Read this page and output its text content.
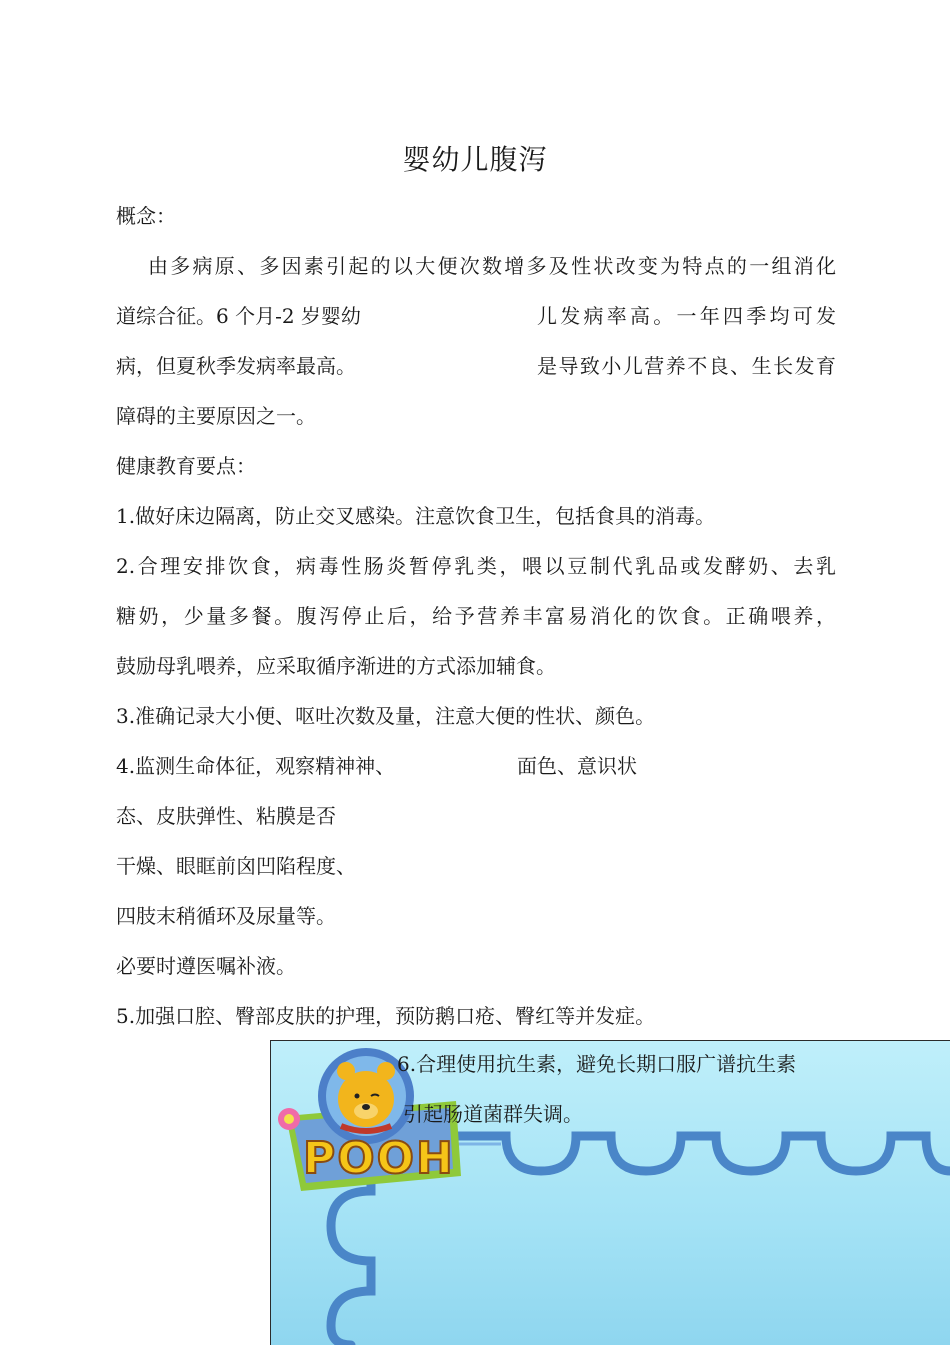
婴幼儿腹泻
概念：
由多病原、多因素引起的以大便次数增多及性状改变为特点的一组消化
道综合征。6 个月-2 岁婴幼	儿发病率高。一年四季均可发
病，但夏秋季发病率最高。	是导致小儿营养不良、生长发育
障碍的主要原因之一。
健康教育要点：
1.做好床边隔离，防止交叉感染。注意饮食卫生，包括食具的消毒。
2.合理安排饮食，病毒性肠炎暂停乳类，喂以豆制代乳品或发酵奶、去乳
糖奶，少量多餐。腹泻停止后，给予营养丰富易消化的饮食。正确喂养，
鼓励母乳喂养，应采取循序渐进的方式添加辅食。
3.准确记录大小便、呕吐次数及量，注意大便的性状、颜色。
4.监测生命体征，观察精神神、	面色、意识状
态、皮肤弹性、粘膜是否
干燥、眼眶前囟凹陷程度、
四肢末稍循环及尿量等。
必要时遵医嘱补液。
5.加强口腔、臀部皮肤的护理，预防鹅口疮、臀红等并发症。
POOH
6.合理使用抗生素，避免长期口服广谱抗生素
引起肠道菌群失调。
